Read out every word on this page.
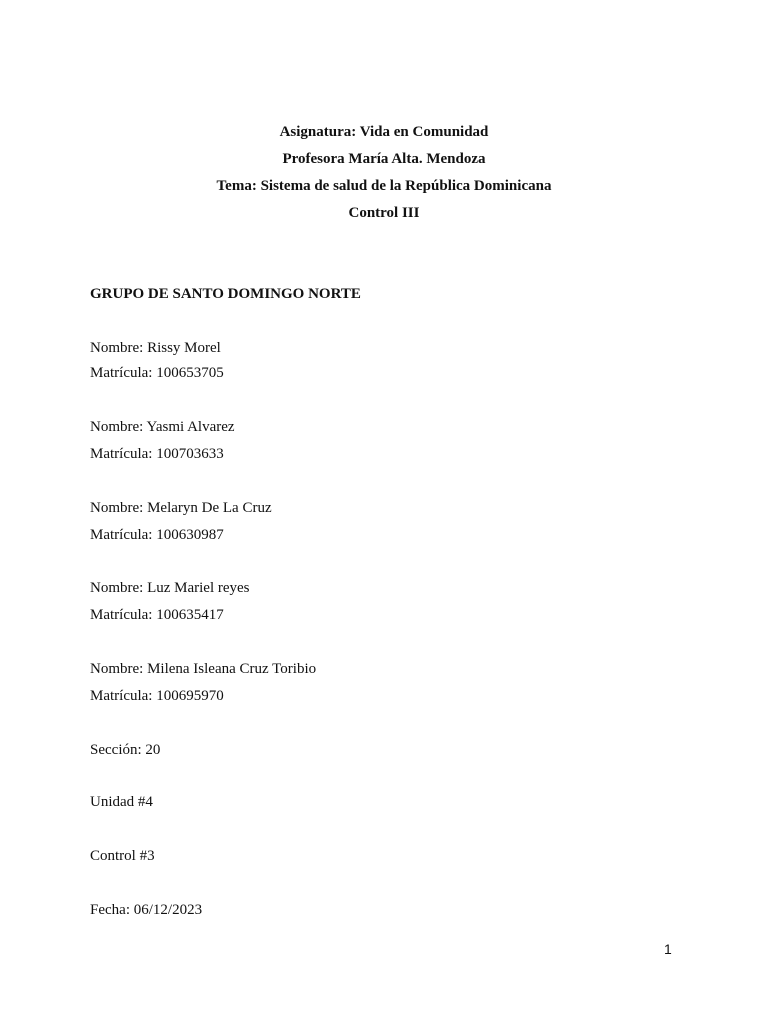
Asignatura: Vida en Comunidad
Profesora María Alta. Mendoza
Tema: Sistema de salud de la República Dominicana
Control III
GRUPO DE SANTO DOMINGO NORTE
Nombre: Rissy Morel
Matrícula: 100653705
Nombre: Yasmi Alvarez
Matrícula: 100703633
Nombre: Melaryn De La Cruz
Matrícula: 100630987
Nombre: Luz Mariel reyes
Matrícula: 100635417
Nombre: Milena Isleana Cruz Toribio
Matrícula: 100695970
Sección: 20
Unidad #4
Control #3
Fecha: 06/12/2023
1
